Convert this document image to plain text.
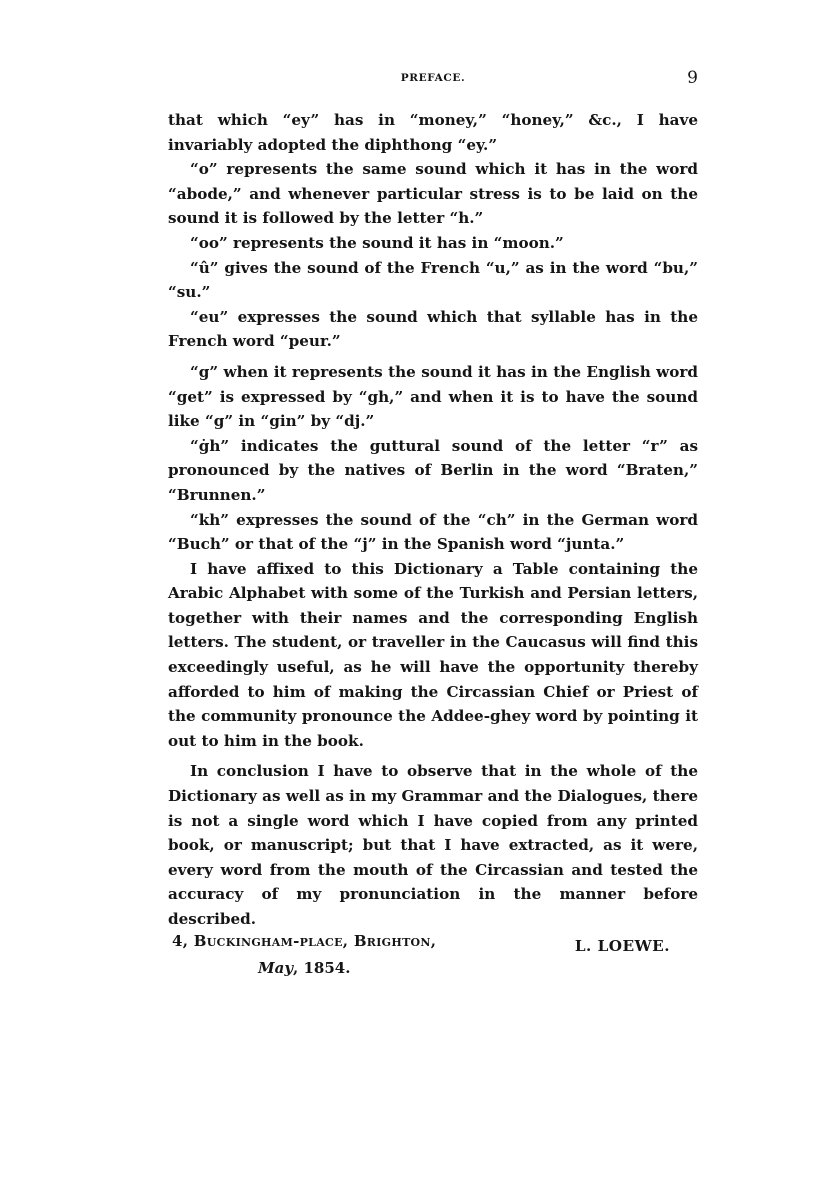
PREFACE.	9

that which “ey” has in “money,” “honey,” &c., I have invariably adopted the diphthong “ey.”

“o” represents the same sound which it has in the word “abode,” and whenever particular stress is to be laid on the sound it is followed by the letter “h.”

“oo” represents the sound it has in “moon.”

“û” gives the sound of the French “u,” as in the word “bu,” “su.”

“eu” expresses the sound which that syllable has in the French word “peur.”

“g” when it represents the sound it has in the English word “get” is expressed by “gh,” and when it is to have the sound like “g” in “gin” by “dj.”

“ġh” indicates the guttural sound of the letter “r” as pronounced by the natives of Berlin in the word “Braten,” “Brunnen.”

“kh” expresses the sound of the “ch” in the German word “Buch” or that of the “j” in the Spanish word “junta.”

I have affixed to this Dictionary a Table containing the Arabic Alphabet with some of the Turkish and Persian letters, together with their names and the corresponding English letters. The student, or traveller in the Caucasus will find this exceedingly useful, as he will have the opportunity thereby afforded to him of making the Circassian Chief or Priest of the community pronounce the Addee-ghey word by pointing it out to him in the book.

In conclusion I have to observe that in the whole of the Dictionary as well as in my Grammar and the Dialogues, there is not a single word which I have copied from any printed book, or manuscript; but that I have extracted, as it were, every word from the mouth of the Circassian and tested the accuracy of my pronunciation in the manner before described.

L. LOEWE.
4, Buckingham-place, Brighton,
May, 1854.
